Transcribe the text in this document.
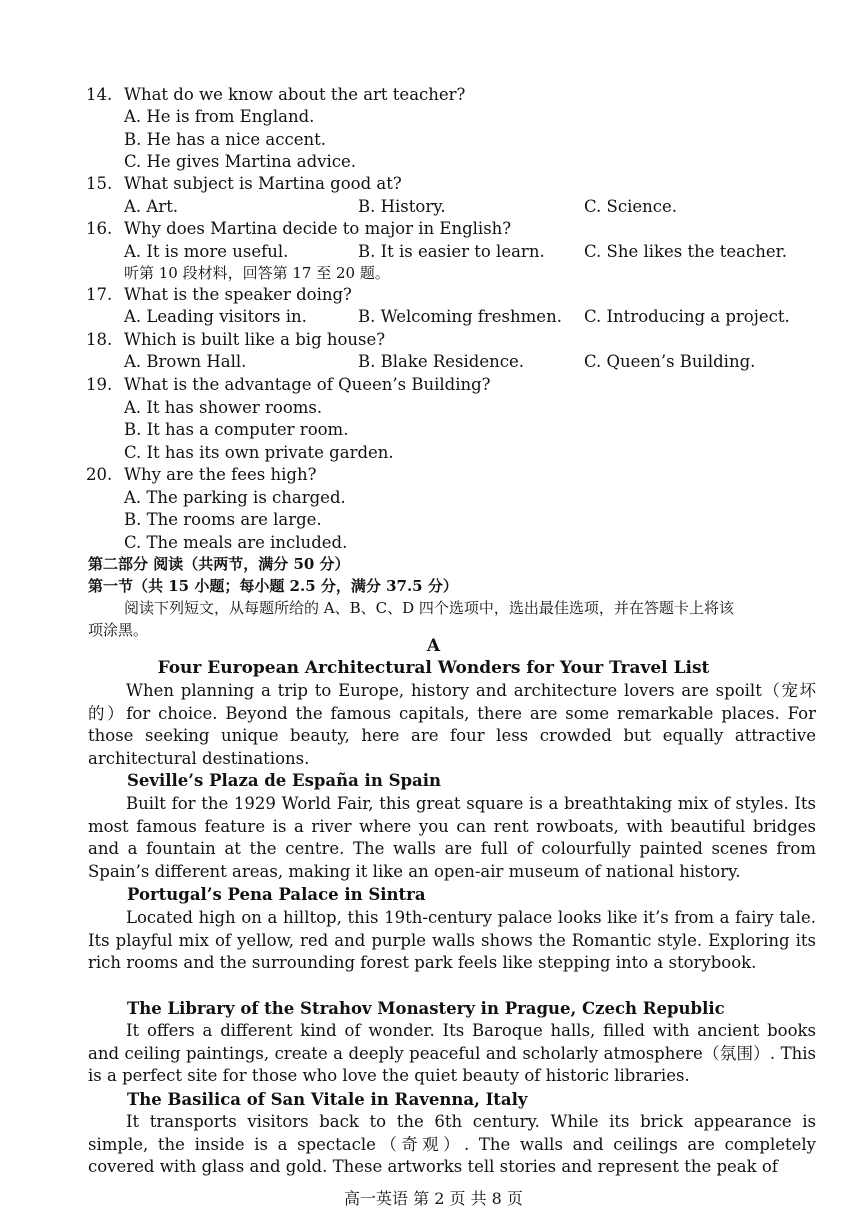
14. What do we know about the art teacher?
A. He is from England.
B. He has a nice accent.
C. He gives Martina advice.
15. What subject is Martina good at?
A. Art.	B. History.	C. Science.
16. Why does Martina decide to major in English?
A. It is more useful.	B. It is easier to learn. C. She likes the teacher.
听第 10 段材料，回答第 17 至 20 题。
17. What is the speaker doing?
A. Leading visitors in.	B. Welcoming freshmen. C. Introducing a project.
18. Which is built like a big house?
A. Brown Hall.	B. Blake Residence.	C. Queen’s Building.
19. What is the advantage of Queen’s Building?
A. It has shower rooms.
B. It has a computer room.
C. It has its own private garden.
20. Why are the fees high?
A. The parking is charged.
B. The rooms are large.
C. The meals are included.
第二部分 阅读（共两节，满分 50 分）
第一节（共 15 小题；每小题 2.5 分，满分 37.5 分）
阅读下列短文，从每题所给的 A、B、C、D 四个选项中，选出最佳选项，并在答题卡上将该
项涂黑。
A
Four European Architectural Wonders for Your Travel List

When planning a trip to Europe, history and architecture lovers are spoilt（宠坏的）for choice. Beyond the famous capitals, there are some remarkable places. For those seeking unique beauty, here are four less crowded but equally attractive architectural destinations.

Seville’s Plaza de España in Spain

Built for the 1929 World Fair, this great square is a breathtaking mix of styles. Its most famous feature is a river where you can rent rowboats, with beautiful bridges and a fountain at the centre. The walls are full of colourfully painted scenes from Spain’s different areas, making it like an open-air museum of national history.

Portugal’s Pena Palace in Sintra

Located high on a hilltop, this 19th-century palace looks like it’s from a fairy tale. Its playful mix of yellow, red and purple walls shows the Romantic style. Exploring its rich rooms and the surrounding forest park feels like stepping into a storybook.

The Library of the Strahov Monastery in Prague, Czech Republic

It offers a different kind of wonder. Its Baroque halls, filled with ancient books and ceiling paintings, create a deeply peaceful and scholarly atmosphere（氛围）. This is a perfect site for those who love the quiet beauty of historic libraries.

The Basilica of San Vitale in Ravenna, Italy

It transports visitors back to the 6th century. While its brick appearance is simple, the inside is a spectacle（奇观）. The walls and ceilings are completely covered with glass and gold. These artworks tell stories and represent the peak of

高一英语 第 2 页 共 8 页
